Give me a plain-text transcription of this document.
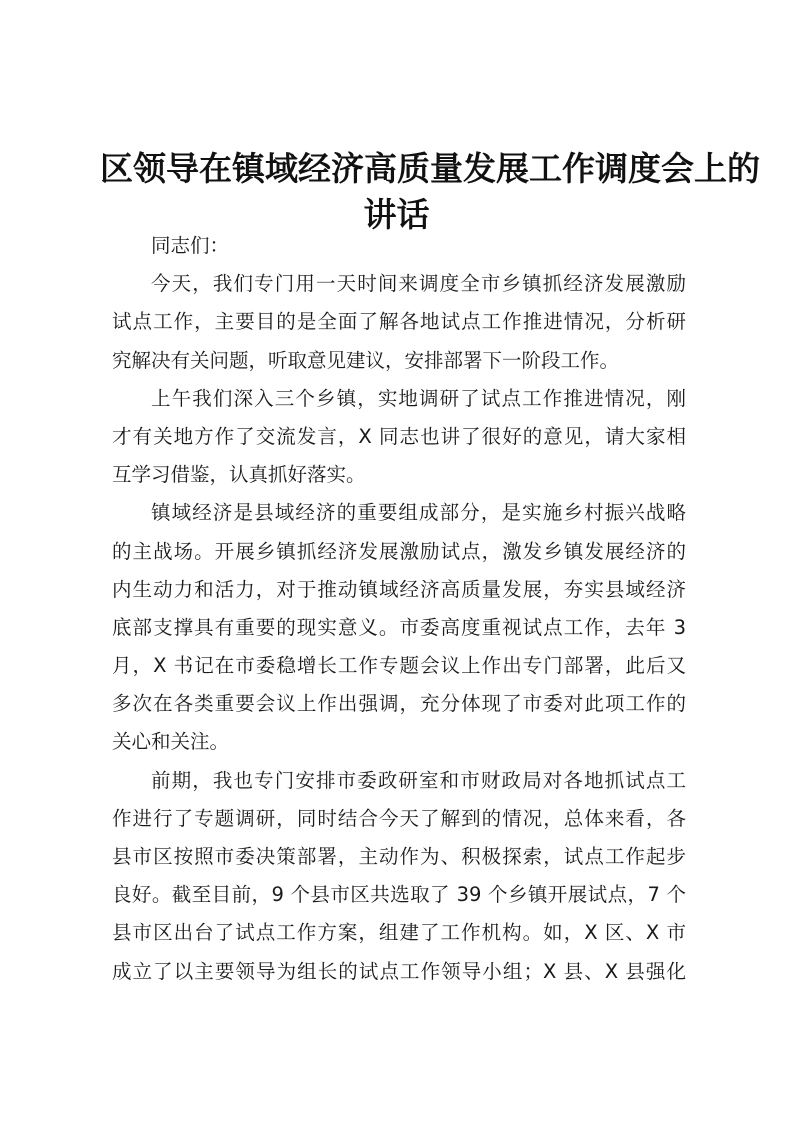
区领导在镇域经济高质量发展工作调度会上的
讲话
同志们：
今天，我们专门用一天时间来调度全市乡镇抓经济发展激励
试点工作，主要目的是全面了解各地试点工作推进情况，分析研
究解决有关问题，听取意见建议，安排部署下一阶段工作。
上午我们深入三个乡镇，实地调研了试点工作推进情况，刚
才有关地方作了交流发言，X 同志也讲了很好的意见，请大家相
互学习借鉴，认真抓好落实。
镇域经济是县域经济的重要组成部分，是实施乡村振兴战略
的主战场。开展乡镇抓经济发展激励试点，激发乡镇发展经济的
内生动力和活力，对于推动镇域经济高质量发展，夯实县域经济
底部支撑具有重要的现实意义。市委高度重视试点工作，去年 3
月，X 书记在市委稳增长工作专题会议上作出专门部署，此后又
多次在各类重要会议上作出强调，充分体现了市委对此项工作的
关心和关注。
前期，我也专门安排市委政研室和市财政局对各地抓试点工
作进行了专题调研，同时结合今天了解到的情况，总体来看，各
县市区按照市委决策部署，主动作为、积极探索，试点工作起步
良好。截至目前，9 个县市区共选取了 39 个乡镇开展试点，7 个
县市区出台了试点工作方案，组建了工作机构。如，X 区、X 市
成立了以主要领导为组长的试点工作领导小组；X 县、X 县强化
